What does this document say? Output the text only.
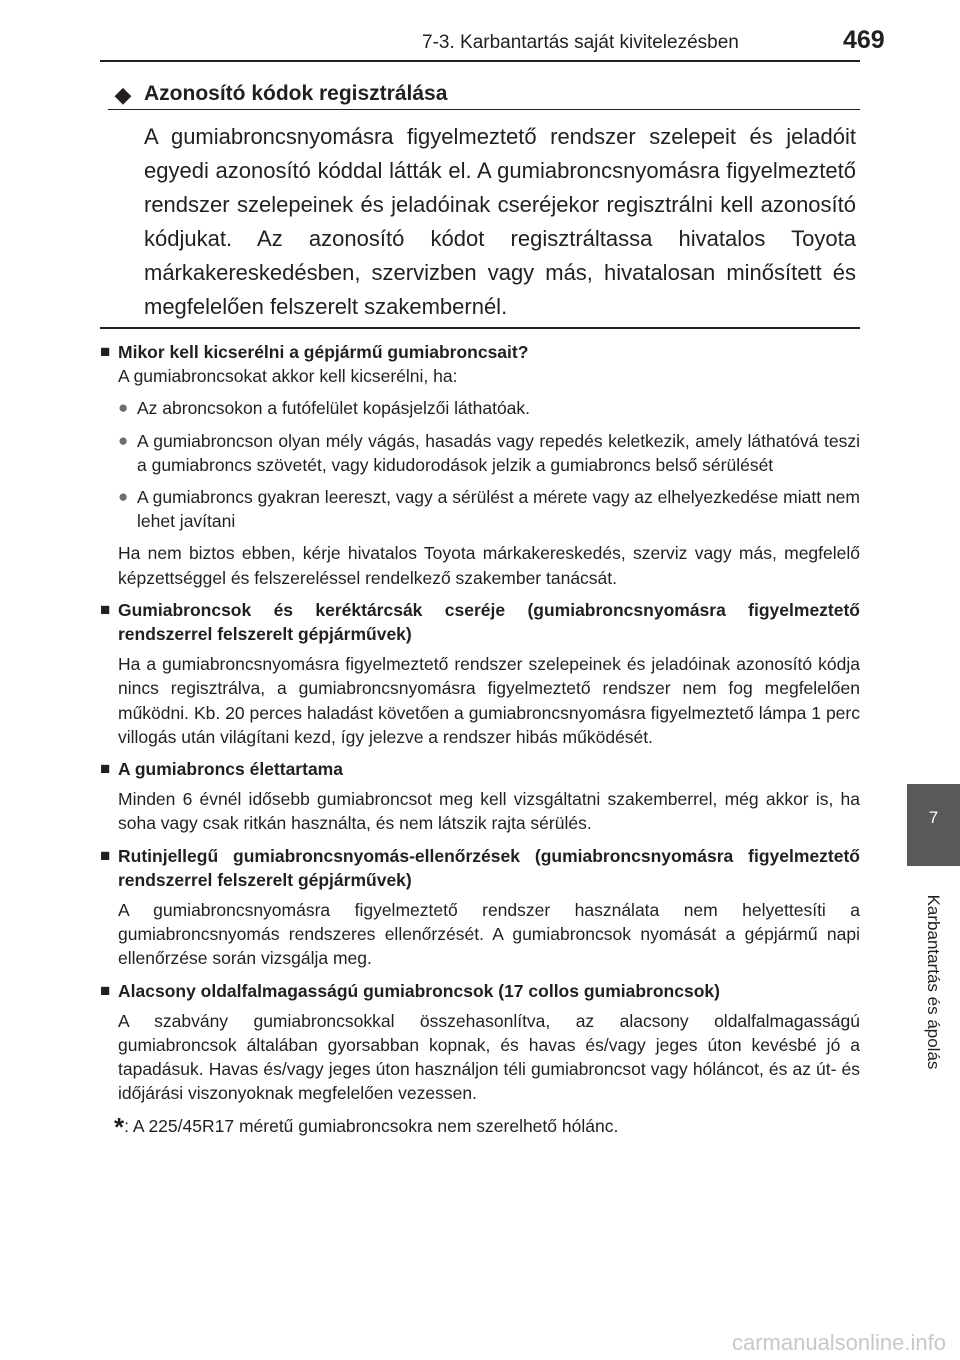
7-3. Karbantartás saját kivitelezésben	469
◆ Azonosító kódok regisztrálása
A gumiabroncsnyomásra figyelmeztető rendszer szelepeit és jeladóit egyedi azonosító kóddal látták el. A gumiabroncsnyomásra figyelmeztető rendszer szelepeinek és jeladóinak cseréjekor regisztrálni kell azonosító kódjukat. Az azonosító kódot regisztráltassa hivatalos Toyota márkakereskedésben, szervizben vagy más, hivatalosan minősített és megfelelően felszerelt szakembernél.
■ Mikor kell kicserélni a gépjármű gumiabroncsait?
A gumiabroncsokat akkor kell kicserélni, ha:
● Az abroncsokon a futófelület kopásjelzői láthatóak.
● A gumiabroncson olyan mély vágás, hasadás vagy repedés keletkezik, amely láthatóvá teszi a gumiabroncs szövetét, vagy kidudorodások jelzik a gumiabroncs belső sérülését
● A gumiabroncs gyakran leereszt, vagy a sérülést a mérete vagy az elhelyezkedése miatt nem lehet javítani
Ha nem biztos ebben, kérje hivatalos Toyota márkakereskedés, szerviz vagy más, megfelelő képzettséggel és felszereléssel rendelkező szakember tanácsát.
■ Gumiabroncsok és keréktárcsák cseréje (gumiabroncsnyomásra figyelmeztető rendszerrel felszerelt gépjárművek)
Ha a gumiabroncsnyomásra figyelmeztető rendszer szelepeinek és jeladóinak azonosító kódja nincs regisztrálva, a gumiabroncsnyomásra figyelmeztető rendszer nem fog megfelelően működni. Kb. 20 perces haladást követően a gumiabroncsnyomásra figyelmeztető lámpa 1 perc villogás után világítani kezd, így jelezve a rendszer hibás működését.
■ A gumiabroncs élettartama
Minden 6 évnél idősebb gumiabroncsot meg kell vizsgáltatni szakemberrel, még akkor is, ha soha vagy csak ritkán használta, és nem látszik rajta sérülés.
■ Rutinjellegű gumiabroncsnyomás-ellenőrzések (gumiabroncsnyomásra figyelmeztető rendszerrel felszerelt gépjárművek)
A gumiabroncsnyomásra figyelmeztető rendszer használata nem helyettesíti a gumiabroncsnyomás rendszeres ellenőrzését. A gumiabroncsok nyomását a gépjármű napi ellenőrzése során vizsgálja meg.
■ Alacsony oldalfalmagasságú gumiabroncsok (17 collos gumiabroncsok)
A szabvány gumiabroncsokkal összehasonlítva, az alacsony oldalfalmagasságú gumiabroncsok általában gyorsabban kopnak, és havas és/vagy jeges úton kevésbé jó a tapadásuk. Havas és/vagy jeges úton használjon téli gumiabroncsot vagy hóláncot, és az út- és időjárási viszonyoknak megfelelően vezessen.
*: A 225/45R17 méretű gumiabroncsokra nem szerelhető hólánc.
7
Karbantartás és ápolás
carmanualsonline.info
